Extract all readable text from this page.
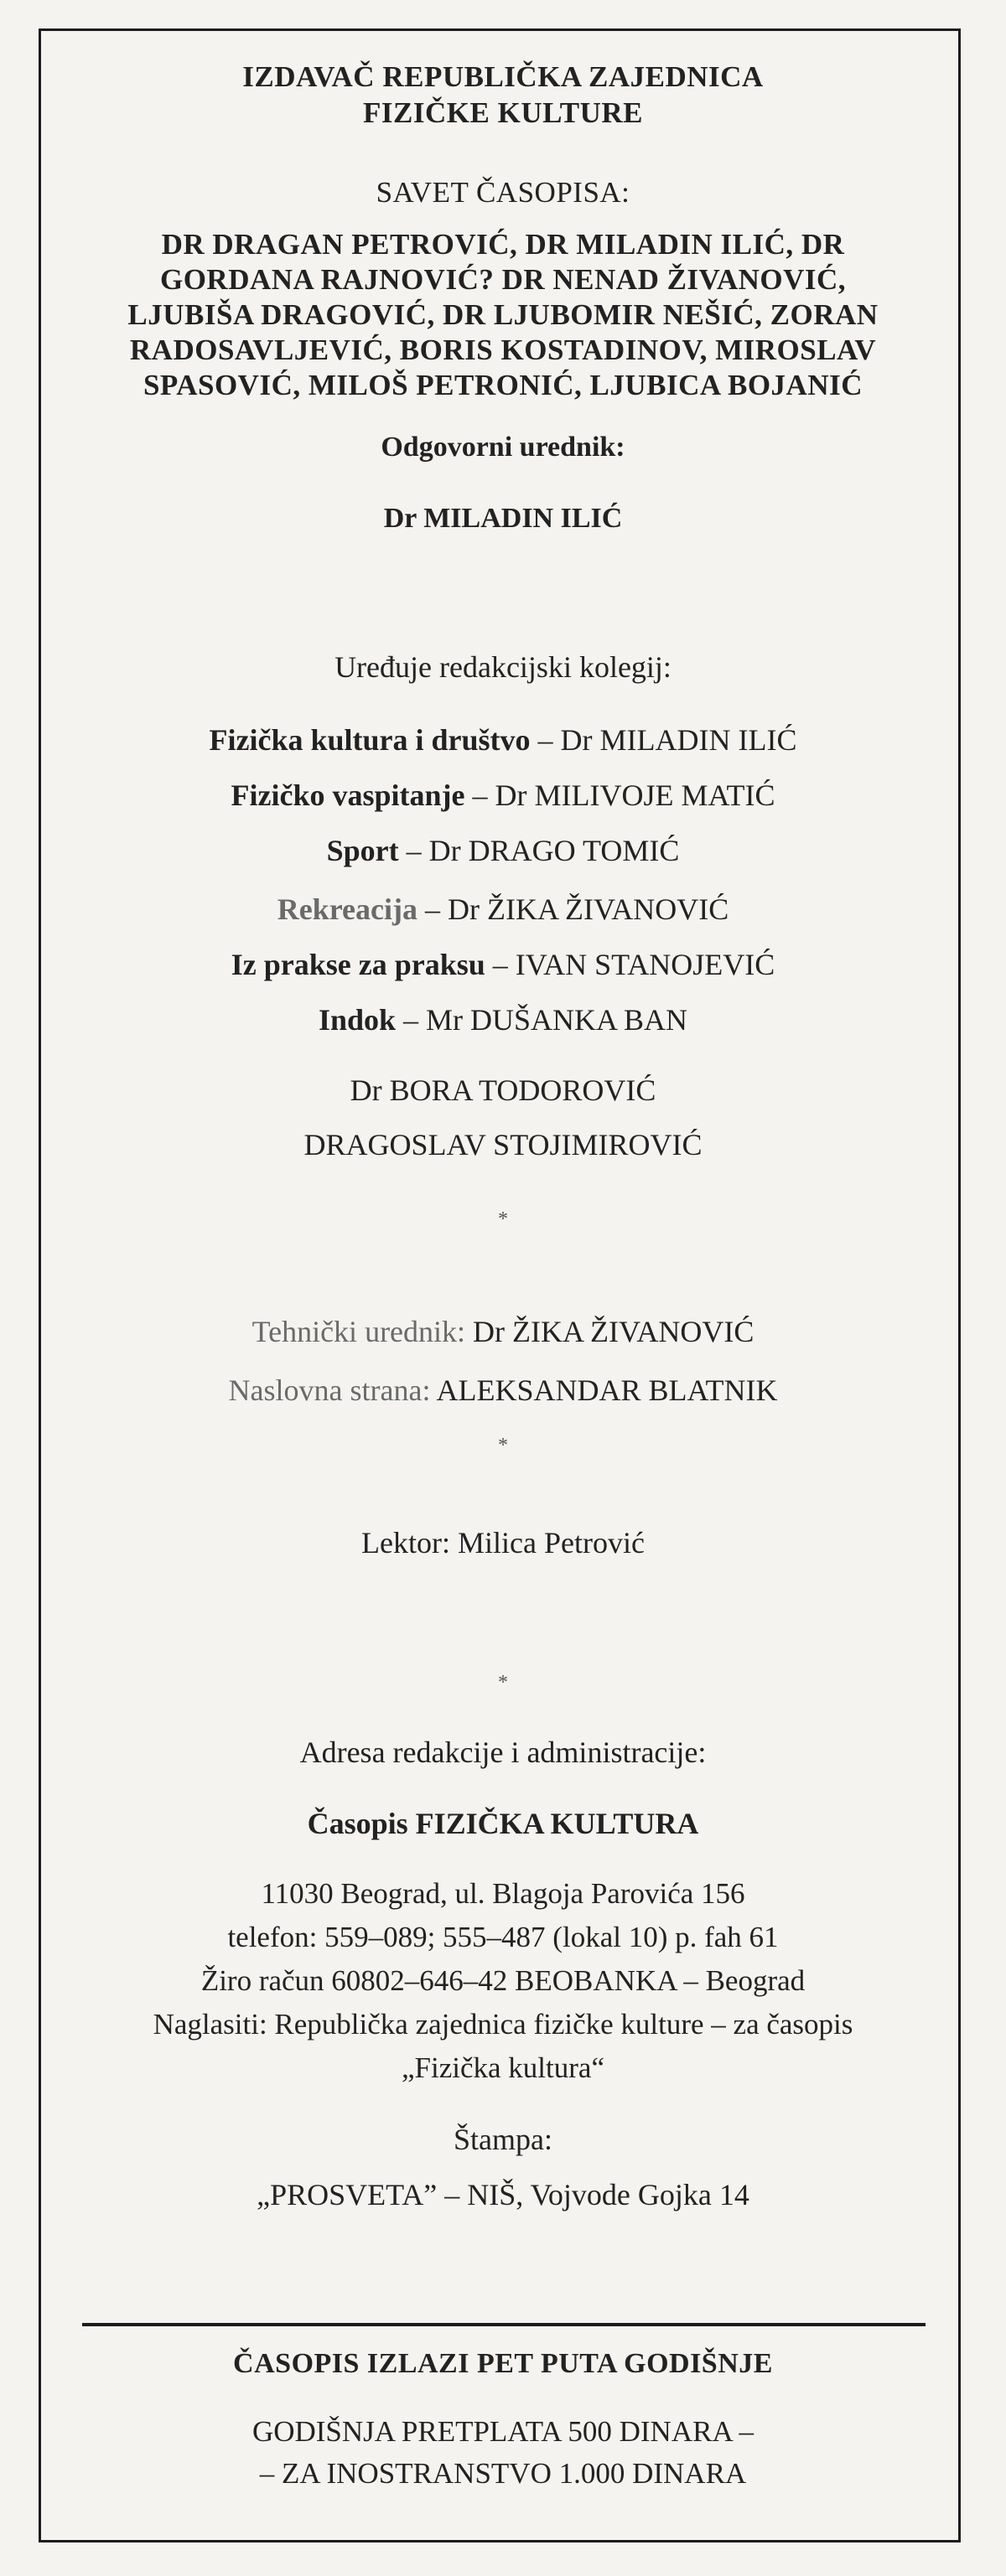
IZDAVAČ REPUBLIČKA ZAJEDNICA
FIZIČKE KULTURE
SAVET ČASOPISA:
DR DRAGAN PETROVIĆ, DR MILADIN ILIĆ, DR
GORDANA RAJNOVIĆ? DR NENAD ŽIVANOVIĆ,
LJUBIŠA DRAGOVIĆ, DR LJUBOMIR NEŠIĆ, ZORAN
RADOSAVLJEVIĆ, BORIS KOSTADINOV, MIROSLAV
SPASOVIĆ, MILOŠ PETRONIĆ, LJUBICA BOJANIĆ
Odgovorni urednik:
Dr MILADIN ILIĆ
Uređuje redakcijski kolegij:
Fizička kultura i društvo – Dr MILADIN ILIĆ
Fizičko vaspitanje – Dr MILIVOJE MATIĆ
Sport – Dr DRAGO TOMIĆ
Rekreacija – Dr ŽIKA ŽIVANOVIĆ
Iz prakse za praksu – IVAN STANOJEVIĆ
Indok – Mr DUŠANKA BAN
Dr BORA TODOROVIĆ
DRAGOSLAV STOJIMIROVIĆ
*
Tehnički urednik: Dr ŽIKA ŽIVANOVIĆ
Naslovna strana: ALEKSANDAR BLATNIK
*
Lektor: Milica Petrović
*
Adresa redakcije i administracije:
Časopis FIZIČKA KULTURA
11030 Beograd, ul. Blagoja Parovića 156
telefon: 559–089; 555–487 (lokal 10) p. fah 61
Žiro račun 60802–646–42 BEOBANKA – Beograd
Naglasiti: Republička zajednica fizičke kulture – za časopis
„Fizička kultura“
Štampa:
„PROSVETA” – NIŠ, Vojvode Gojka 14
ČASOPIS IZLAZI PET PUTA GODIŠNJE
GODIŠNJA PRETPLATA 500 DINARA –
– ZA INOSTRANSTVO 1.000 DINARA
